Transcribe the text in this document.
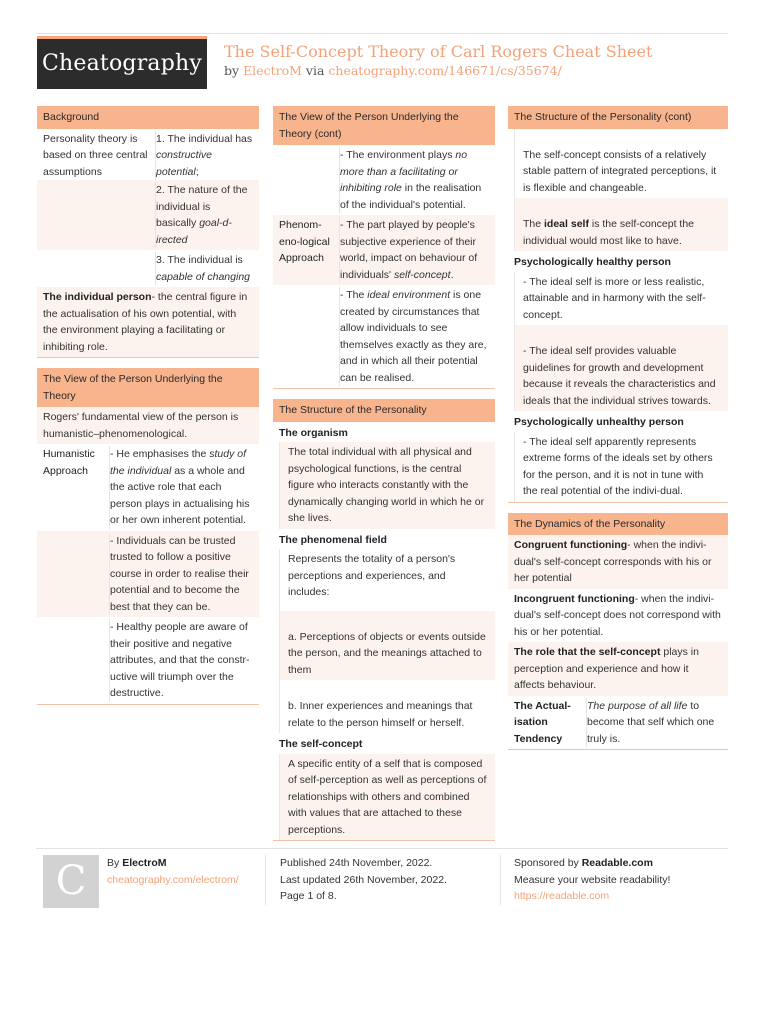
Cheatography	The Self-Concept Theory of Carl Rogers Cheat Sheet
by ElectroM via cheatography.com/146671/cs/35674/
Background
Personality theory is based on three central assumptions
1. The individual has constructive potential;
2. The nature of the individual is basically goal-d-irected
3. The individual is capable of changing
The individual person- the central figure in the actualisation of his own potential, with the environment playing a facilitating or inhibiting role.
The View of the Person Underlying the Theory
Rogers' fundamental view of the person is humanistic–phenomenological.
Humanistic Approach
- He emphasises the study of the individual as a whole and the active role that each person plays in actualising his or her own inherent potential.
- Individuals can be trusted trusted to follow a positive course in order to realise their potential and to become the best that they can be.
- Healthy people are aware of their positive and negative attributes, and that the constr-uctive will triumph over the destructive.
The View of the Person Underlying the Theory (cont)
- The environment plays no more than a facilitating or inhibiting role in the realisation of the individual's potential.
Phenom-eno-logical Approach
- The part played by people's subjective experience of their world, impact on behaviour of individuals' self-concept.
- The ideal environment is one created by circumstances that allow individuals to see themselves exactly as they are, and in which all their potential can be realised.
The Structure of the Personality
The organism
The total individual with all physical and psychological functions, is the central figure who interacts constantly with the dynamically changing world in which he or she lives.
The phenomenal field
Represents the totality of a person's perceptions and experiences, and includes:
a. Perceptions of objects or events outside the person, and the meanings attached to them
b. Inner experiences and meanings that relate to the person himself or herself.
The self-concept
A specific entity of a self that is composed of self-perception as well as perceptions of relationships with others and combined with values that are attached to these perceptions.
The Structure of the Personality (cont)
The self-concept consists of a relatively stable pattern of integrated perceptions, it is flexible and changeable.
The ideal self is the self-concept the individual would most like to have.
Psychologically healthy person
- The ideal self is more or less realistic, attainable and in harmony with the self-concept.
- The ideal self provides valuable guidelines for growth and development because it reveals the characteristics and ideals that the individual strives towards.
Psychologically unhealthy person
- The ideal self apparently represents extreme forms of the ideals set by others for the person, and it is not in tune with the real potential of the indivi-dual.
The Dynamics of the Personality
Congruent functioning- when the indivi-dual's self-concept corresponds with his or her potential
Incongruent functioning- when the indivi-dual's self-concept does not correspond with his or her potential.
The role that the self-concept plays in perception and experience and how it affects behaviour.
The Actual-isation Tendency
The purpose of all life to become that self which one truly is.
C	By ElectroM
cheatography.com/electrom/
Published 24th November, 2022.
Last updated 26th November, 2022.
Page 1 of 8.
Sponsored by Readable.com
Measure your website readability!
https://readable.com
